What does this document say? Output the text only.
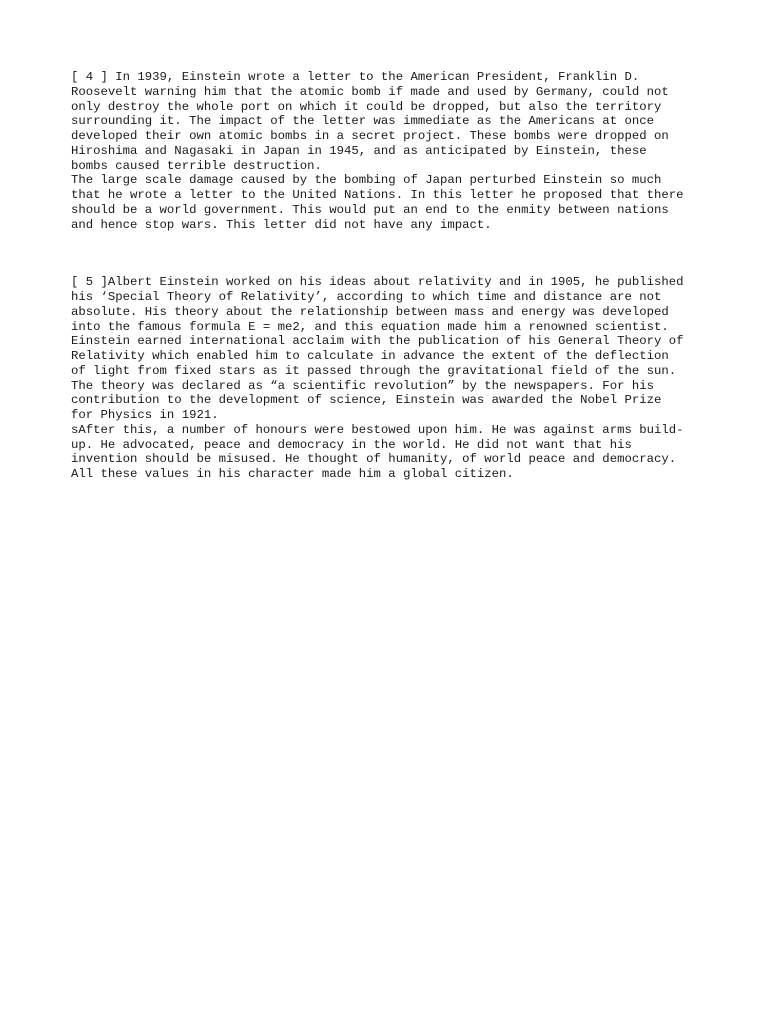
[ 4 ] In 1939, Einstein wrote a letter to the American President, Franklin D.
Roosevelt warning him that the atomic bomb if made and used by Germany, could not
only destroy the whole port on which it could be dropped, but also the territory
surrounding it. The impact of the letter was immediate as the Americans at once
developed their own atomic bombs in a secret project. These bombs were dropped on
Hiroshima and Nagasaki in Japan in 1945, and as anticipated by Einstein, these
bombs caused terrible destruction.
The large scale damage caused by the bombing of Japan perturbed Einstein so much
that he wrote a letter to the United Nations. In this letter he proposed that there
should be a world government. This would put an end to the enmity between nations
and hence stop wars. This letter did not have any impact.
[ 5 ]Albert Einstein worked on his ideas about relativity and in 1905, he published
his ‘Special Theory of Relativity’, according to which time and distance are not
absolute. His theory about the relationship between mass and energy was developed
into the famous formula E = me2, and this equation made him a renowned scientist.
Einstein earned international acclaim with the publication of his General Theory of
Relativity which enabled him to calculate in advance the extent of the deflection
of light from fixed stars as it passed through the gravitational field of the sun.
The theory was declared as “a scientific revolution” by the newspapers. For his
contribution to the development of science, Einstein was awarded the Nobel Prize
for Physics in 1921.
sAfter this, a number of honours were bestowed upon him. He was against arms build-
up. He advocated, peace and democracy in the world. He did not want that his
invention should be misused. He thought of humanity, of world peace and democracy.
All these values in his character made him a global citizen.
